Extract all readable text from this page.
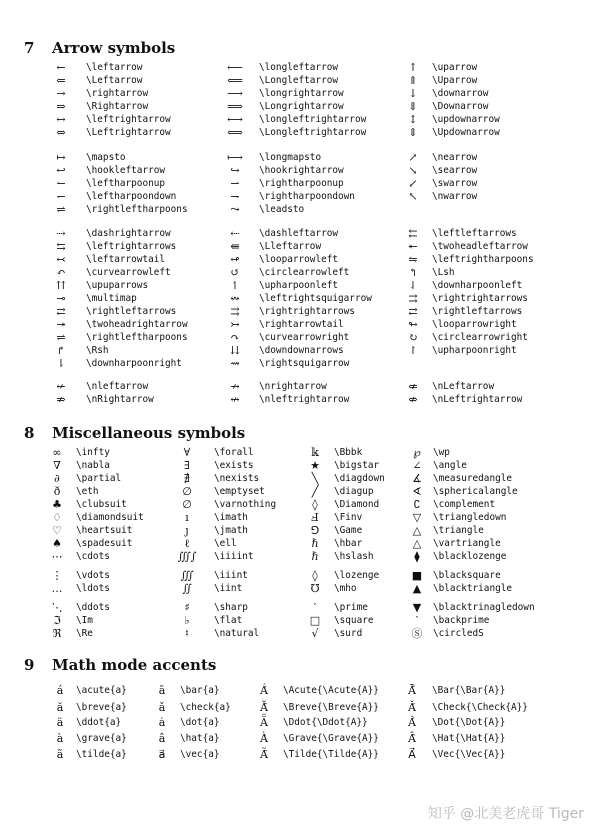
7 Arrow symbols
←	\leftarrow	⟵	\longleftarrow	↑	\uparrow
⇐	\Leftarrow	⟸	\Longleftarrow	⇑	\Uparrow
→	\rightarrow	⟶	\longrightarrow	↓	\downarrow
⇒	\Rightarrow	⟹	\Longrightarrow	⇓	\Downarrow
↔	\leftrightarrow	⟷	\longleftrightarrow	↕	\updownarrow
⇔	\Leftrightarrow	⟺	\Longleftrightarrow	⇕	\Updownarrow
↦	\mapsto	⟼	\longmapsto	↗	\nearrow
↩	\hookleftarrow	↪	\hookrightarrow	↘	\searrow
↼	\leftharpoonup	⇀	\rightharpoonup	↙	\swarrow
↽	\leftharpoondown	⇁	\rightharpoondown	↖	\nwarrow
⇌	\rightleftharpoons	⤳	\leadsto
⇢	\dashrightarrow	⇠	\dashleftarrow	⇇	\leftleftarrows
⇆	\leftrightarrows	⇚	\Lleftarrow	↞	\twoheadleftarrow
↢	\leftarrowtail	↫	\looparrowleft	⇋	\leftrightharpoons
↶	\curvearrowleft	↺	\circlearrowleft	↰	\Lsh
⇈	\upuparrows	↿	\upharpoonleft	⇃	\downharpoonleft
⊸	\multimap	↭	\leftrightsquigarrow	⇉	\rightrightarrows
⇄	\rightleftarrows	⇉	\rightrightarrows	⇄	\rightleftarrows
↠	\twoheadrightarrow	↣	\rightarrowtail	↬	\looparrowright
⇌	\rightleftharpoons	↷	\curvearrowright	↻	\circlearrowright
↱	\Rsh	⇊	\downdownarrows	↾	\upharpoonright
⇂	\downharpoonright	⇝	\rightsquigarrow
↚	\nleftarrow	↛	\nrightarrow	⇍	\nLeftarrow
⇏	\nRightarrow	↮	\nleftrightarrow	⇎	\nLeftrightarrow
8 Miscellaneous symbols
∞	\infty	∀	\forall	𝕜	\Bbbk	℘	\wp
∇	\nabla	∃	\exists	★	\bigstar	∠	\angle
∂	\partial	∄	\nexists	╲	\diagdown	∡	\measuredangle
ð	\eth	∅	\emptyset	╱	\diagup	∢	\sphericalangle
♣	\clubsuit	∅	\varnothing	◊	\Diamond	∁	\complement
♢	\diamondsuit	ı	\imath	Ⅎ	\Finv	▽	\triangledown
♡	\heartsuit	ȷ	\jmath	⅁	\Game	△	\triangle
♠	\spadesuit	ℓ	\ell	ℏ	\hbar	△	\vartriangle
⋯	\cdots	∭∫ \iiiint	ℏ	\hslash	⧫	\blacklozenge
⋮	\vdots	∭	\iiint	◊	\lozenge	■	\blacksquare
…	\ldots	∬	\iint	℧	\mho	▲	\blacktriangle
⋱	\ddots	♯	\sharp	′	\prime	▼	\blacktrinagledown
ℑ	\Im	♭	\flat	□	\square	‵	\backprime
ℜ	\Re	♮	\natural	√	\surd	Ⓢ	\circledS
9 Math mode accents
á	\acute{a}	ā	\bar{a}	Á́	\Acute{\Acute{A}}	Ā̄	\Bar{\Bar{A}}
ă	\breve{a}	ǎ	\check{a}	Ă̆	\Breve{\Breve{A}}	Ǎ̌	\Check{\Check{A}}
ä	\ddot{a}	ȧ	\dot{a}	Ä̈	\Ddot{\Ddot{A}}	Ȧ̇	\Dot{\Dot{A}}
à	\grave{a}	â	\hat{a}	À̀	\Grave{\Grave{A}}	Â̂	\Hat{\Hat{A}}
ã	\tilde{a}	a⃗	\vec{a}	Ã̃	\Tilde{\Tilde{A}}	A⃗⃗	\Vec{\Vec{A}}
知乎 @北美老虎哥 Tiger
